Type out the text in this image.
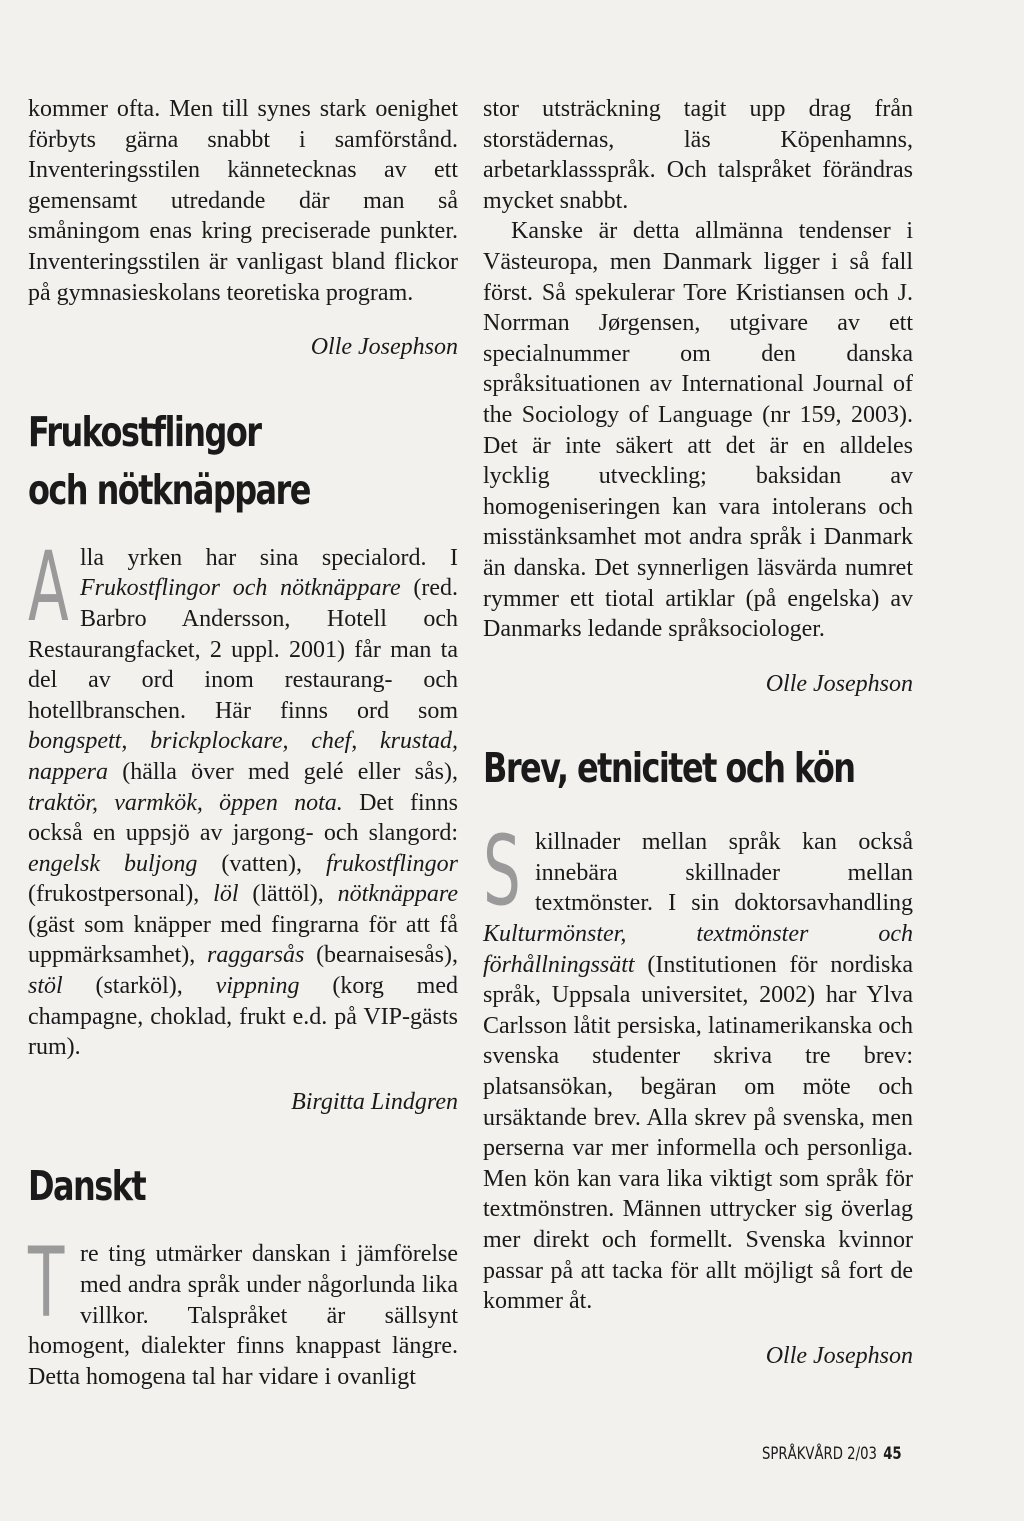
kommer ofta. Men till synes stark oenighet förbyts gärna snabbt i samförstånd. Inventeringsstilen kännetecknas av ett gemensamt utredande där man så småningom enas kring preciserade punkter. Inventeringsstilen är vanligast bland flickor på gymnasieskolans teoretiska program.

Olle Josephson

Frukostflingor
och nötknäppare

Alla yrken har sina specialord. I Frukostflingor och nötknäppare (red. Barbro Andersson, Hotell och Restaurangfacket, 2 uppl. 2001) får man ta del av ord inom restaurang- och hotellbranschen. Här finns ord som bongspett, brickplockare, chef, krustad, nappera (hälla över med gelé eller sås), traktör, varmkök, öppen nota. Det finns också en uppsjö av jargong- och slangord: engelsk buljong (vatten), frukostflingor (frukostpersonal), löl (lättöl), nötknäppare (gäst som knäpper med fingrarna för att få uppmärksamhet), raggarsås (bearnaisesås), stöl (starköl), vippning (korg med champagne, choklad, frukt e.d. på VIP-gästs rum).

Birgitta Lindgren

Danskt

Tre ting utmärker danskan i jämförelse med andra språk under någorlunda lika villkor. Talspråket är sällsynt homogent, dialekter finns knappast längre. Detta homogena tal har vidare i ovanligt

stor utsträckning tagit upp drag från storstädernas, läs Köpenhamns, arbetarklassspråk. Och talspråket förändras mycket snabbt.

Kanske är detta allmänna tendenser i Västeuropa, men Danmark ligger i så fall först. Så spekulerar Tore Kristiansen och J. Norrman Jørgensen, utgivare av ett specialnummer om den danska språksituationen av International Journal of the Sociology of Language (nr 159, 2003). Det är inte säkert att det är en alldeles lycklig utveckling; baksidan av homogeniseringen kan vara intolerans och misstänksamhet mot andra språk i Danmark än danska. Det synnerligen läsvärda numret rymmer ett tiotal artiklar (på engelska) av Danmarks ledande språksociologer.

Olle Josephson

Brev, etnicitet och kön

Skillnader mellan språk kan också innebära skillnader mellan textmönster. I sin doktorsavhandling Kulturmönster, textmönster och förhållningssätt (Institutionen för nordiska språk, Uppsala universitet, 2002) har Ylva Carlsson låtit persiska, latinamerikanska och svenska studenter skriva tre brev: platsansökan, begäran om möte och ursäktande brev. Alla skrev på svenska, men perserna var mer informella och personliga. Men kön kan vara lika viktigt som språk för textmönstren. Männen uttrycker sig överlag mer direkt och formellt. Svenska kvinnor passar på att tacka för allt möjligt så fort de kommer åt.

Olle Josephson

SPRÅKVÅRD 2/03 45
